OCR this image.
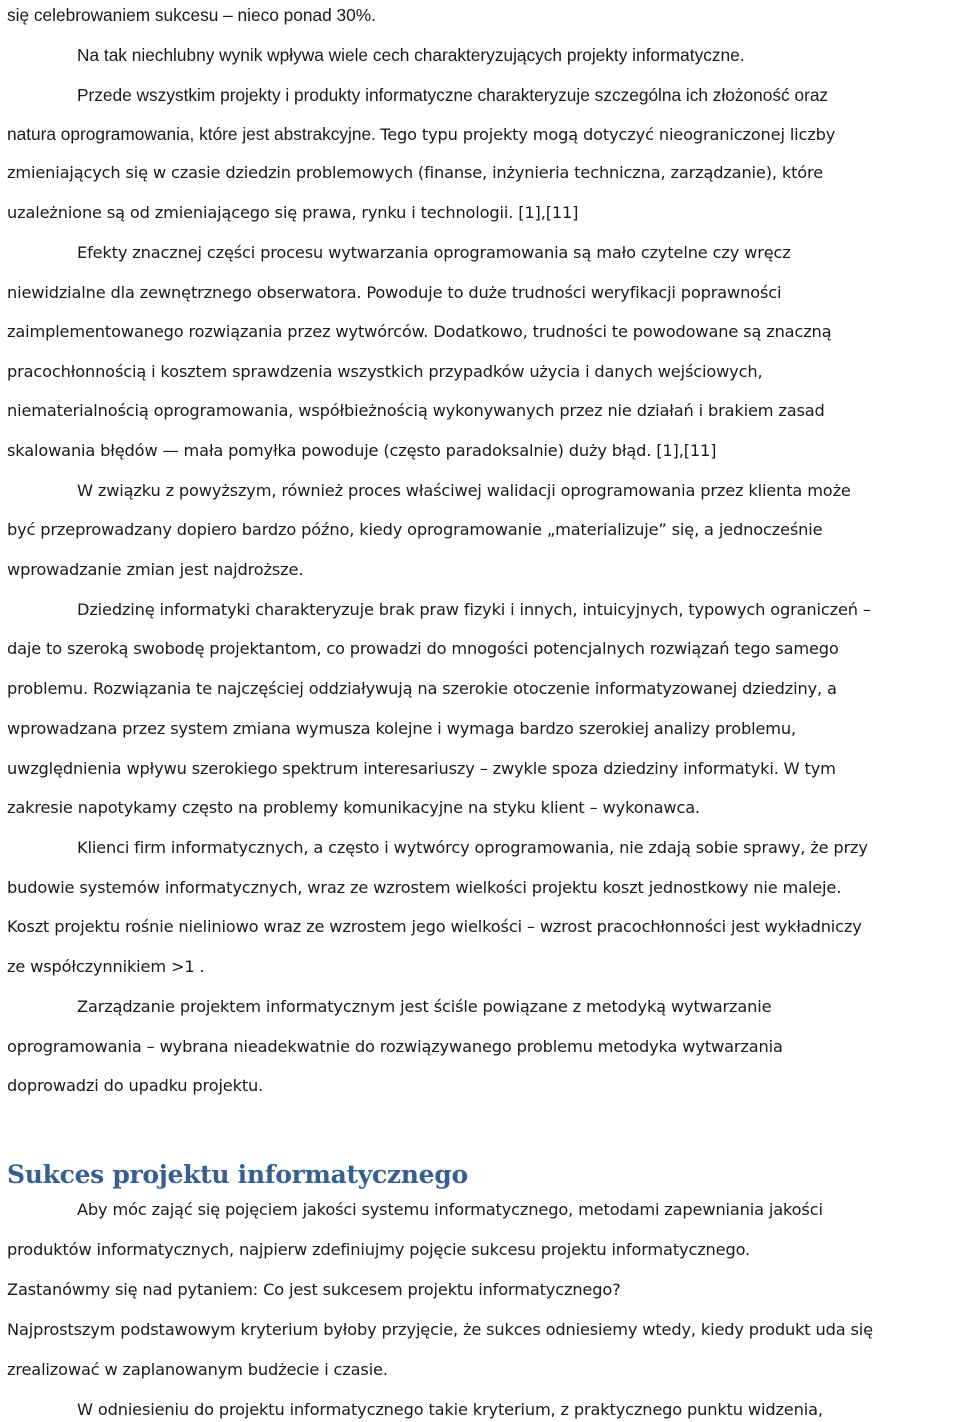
się celebrowaniem sukcesu – nieco ponad 30%.
Na tak niechlubny wynik wpływa wiele cech charakteryzujących projekty informatyczne.
Przede wszystkim projekty i produkty informatyczne charakteryzuje szczególna ich złożoność oraz
natura oprogramowania, które jest abstrakcyjne. Tego typu projekty mogą dotyczyć nieograniczonej liczby
zmieniających się w czasie dziedzin problemowych (finanse, inżynieria techniczna, zarządzanie), które
uzależnione są od zmieniającego się prawa, rynku i technologii. [1],[11]
Efekty znacznej części procesu wytwarzania oprogramowania są mało czytelne czy wręcz
niewidzialne dla zewnętrznego obserwatora. Powoduje to duże trudności weryfikacji poprawności
zaimplementowanego rozwiązania przez wytwórców. Dodatkowo, trudności te powodowane są znaczną
pracochłonnością i kosztem sprawdzenia wszystkich przypadków użycia i danych wejściowych,
niematerialnością oprogramowania, współbieżnością wykonywanych przez nie działań i brakiem zasad
skalowania błędów — mała pomyłka powoduje (często paradoksalnie) duży błąd. [1],[11]
W związku z powyższym, również proces właściwej walidacji oprogramowania przez klienta może
być przeprowadzany dopiero bardzo późno, kiedy oprogramowanie „materializuje” się, a jednocześnie
wprowadzanie zmian jest najdroższe.
Dziedzinę informatyki charakteryzuje brak praw fizyki i innych, intuicyjnych, typowych ograniczeń –
daje to szeroką swobodę projektantom, co prowadzi do mnogości potencjalnych rozwiązań tego samego
problemu. Rozwiązania te najczęściej oddziaływują na szerokie otoczenie informatyzowanej dziedziny, a
wprowadzana przez system zmiana wymusza kolejne i wymaga bardzo szerokiej analizy problemu,
uwzględnienia wpływu szerokiego spektrum interesariuszy – zwykle spoza dziedziny informatyki. W tym
zakresie napotykamy często na problemy komunikacyjne na styku klient – wykonawca.
Klienci firm informatycznych, a często i wytwórcy oprogramowania, nie zdają sobie sprawy, że przy
budowie systemów informatycznych, wraz ze wzrostem wielkości projektu koszt jednostkowy nie maleje.
Koszt projektu rośnie nieliniowo wraz ze wzrostem jego wielkości – wzrost pracochłonności jest wykładniczy
ze współczynnikiem >1 .
Zarządzanie projektem informatycznym jest ściśle powiązane z metodyką wytwarzanie
oprogramowania – wybrana nieadekwatnie do rozwiązywanego problemu metodyka wytwarzania
doprowadzi do upadku projektu.
Sukces projektu informatycznego
Aby móc zająć się pojęciem jakości systemu informatycznego, metodami zapewniania jakości
produktów informatycznych, najpierw zdefiniujmy pojęcie sukcesu projektu informatycznego.
Zastanówmy się nad pytaniem: Co jest sukcesem projektu informatycznego?
Najprostszym podstawowym kryterium byłoby przyjęcie, że sukces odniesiemy wtedy, kiedy produkt uda się
zrealizować w zaplanowanym budżecie i czasie.
W odniesieniu do projektu informatycznego takie kryterium, z praktycznego punktu widzenia,
